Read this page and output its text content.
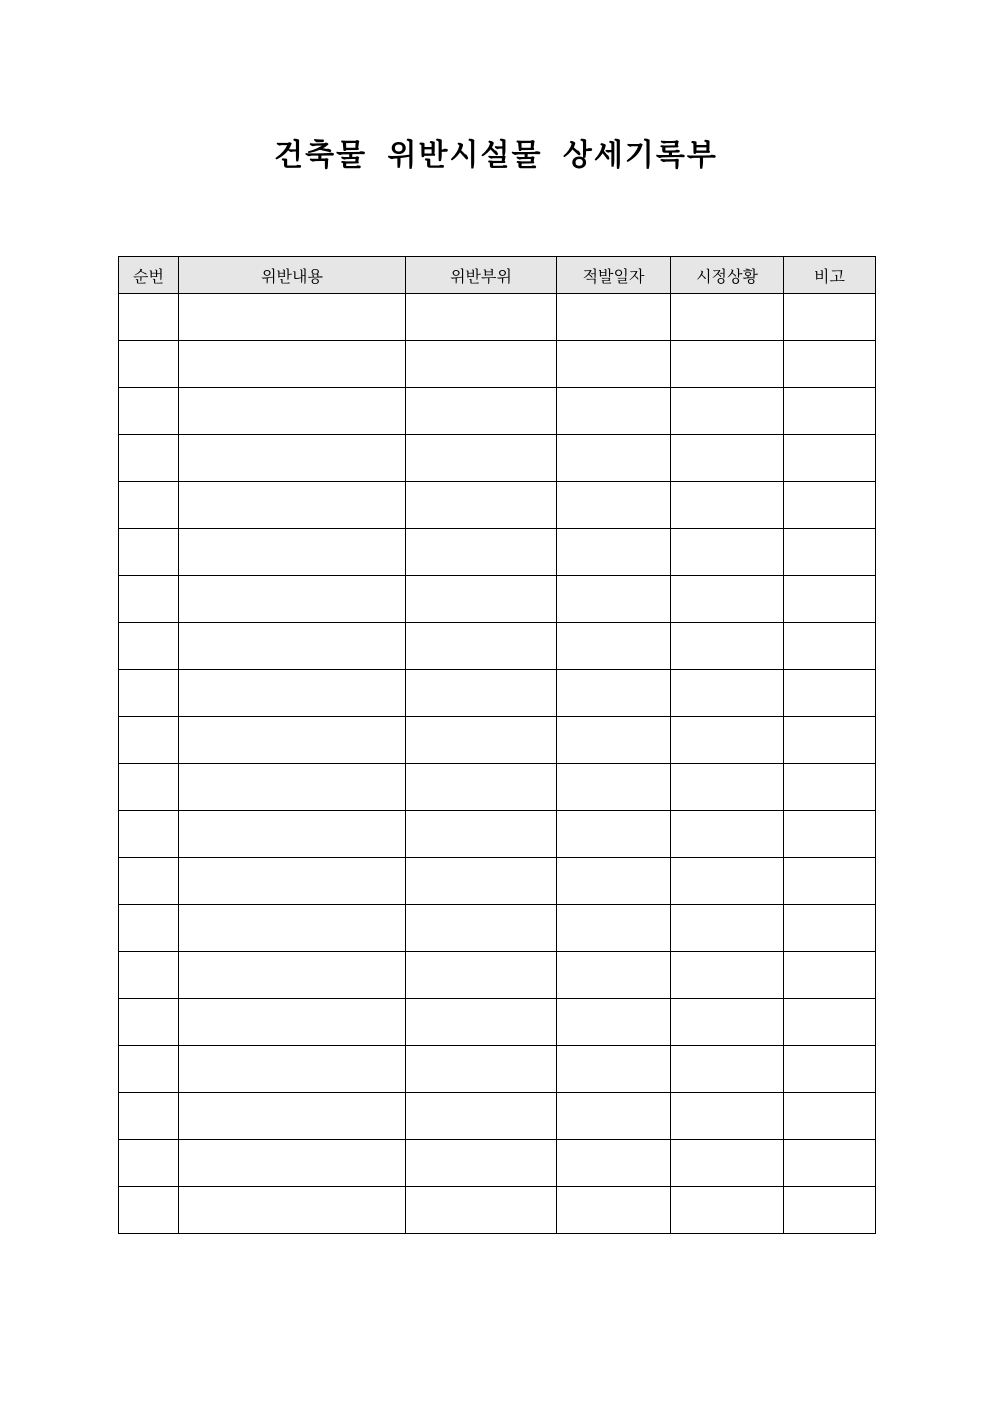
건축물 위반시설물 상세기록부
순번	위반내용	위반부위	적발일자	시정상황	비고
